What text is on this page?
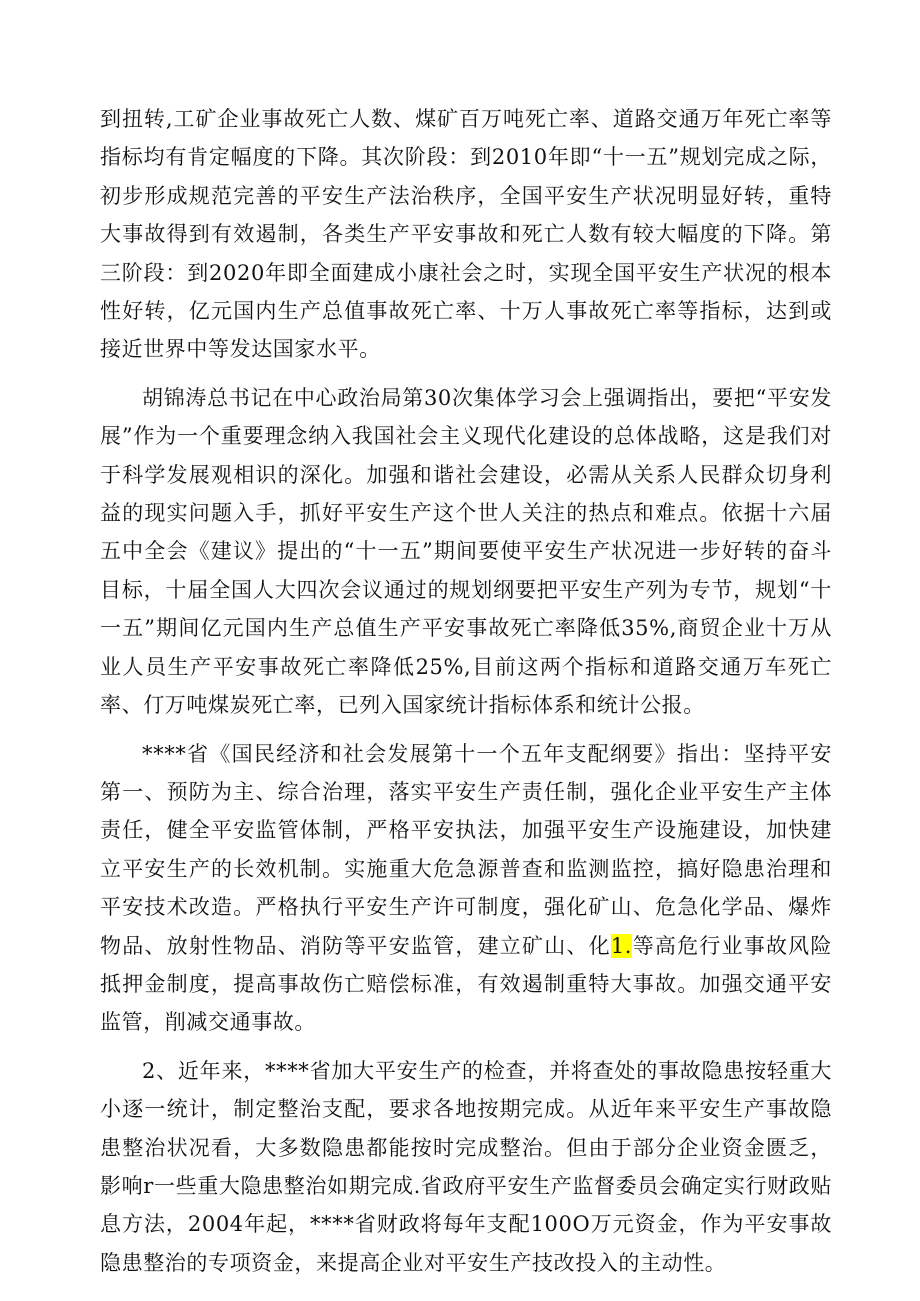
到扭转,工矿企业事故死亡人数、煤矿百万吨死亡率、道路交通万年死亡率等指标均有肯定幅度的下降。其次阶段：到2010年即“十一五”规划完成之际，初步形成规范完善的平安生产法治秩序，全国平安生产状况明显好转，重特大事故得到有效遏制，各类生产平安事故和死亡人数有较大幅度的下降。第三阶段：到2020年即全面建成小康社会之时，实现全国平安生产状况的根本性好转，亿元国内生产总值事故死亡率、十万人事故死亡率等指标，达到或接近世界中等发达国家水平。

胡锦涛总书记在中心政治局第30次集体学习会上强调指出，要把“平安发展”作为一个重要理念纳入我国社会主义现代化建设的总体战略，这是我们对于科学发展观相识的深化。加强和谐社会建设，必需从关系人民群众切身利益的现实问题入手，抓好平安生产这个世人关注的热点和难点。依据十六届五中全会《建议》提出的“十一五”期间要使平安生产状况进一步好转的奋斗目标，十届全国人大四次会议通过的规划纲要把平安生产列为专节，规划“十一五”期间亿元国内生产总值生产平安事故死亡率降低35%,商贸企业十万从业人员生产平安事故死亡率降低25%,目前这两个指标和道路交通万车死亡率、仃万吨煤炭死亡率，已列入国家统计指标体系和统计公报。

****省《国民经济和社会发展第十一个五年支配纲要》指出：坚持平安第一、预防为主、综合治理，落实平安生产责任制，强化企业平安生产主体责任，健全平安监管体制，严格平安执法，加强平安生产设施建设，加快建立平安生产的长效机制。实施重大危急源普查和监测监控，搞好隐患治理和平安技术改造。严格执行平安生产许可制度，强化矿山、危急化学品、爆炸物品、放射性物品、消防等平安监管，建立矿山、化1.等高危行业事故风险抵押金制度，提高事故伤亡赔偿标准，有效遏制重特大事故。加强交通平安监管，削减交通事故。

2、近年来，****省加大平安生产的检查，并将查处的事故隐患按轻重大小逐一统计，制定整治支配，要求各地按期完成。从近年来平安生产事故隐患整治状况看，大多数隐患都能按时完成整治。但由于部分企业资金匮乏，影响r一些重大隐患整治如期完成.省政府平安生产监督委员会确定实行财政贴息方法，2004年起，****省财政将每年支配100O万元资金，作为平安事故隐患整治的专项资金，来提高企业对平安生产技改投入的主动性。
